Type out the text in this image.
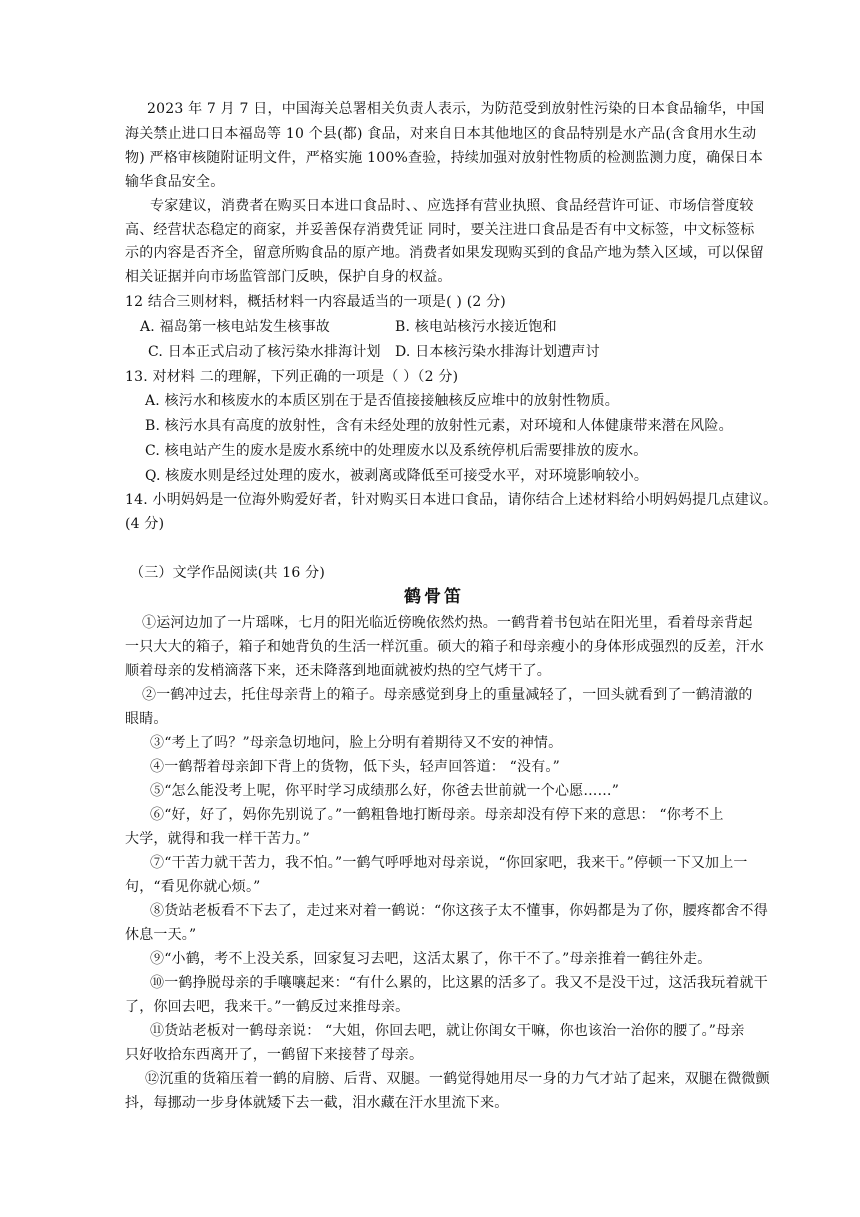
2023 年 7 月 7 日，中国海关总署相关负责人表示，为防范受到放射性污染的日本食品输华，中国
海关禁止进口日本福岛等 10 个县(都) 食品，对来自日本其他地区的食品特别是水产品(含食用水生动
物) 严格审核随附证明文件，严格实施 100%查验，持续加强对放射性物质的检测监测力度，确保日本
输华食品安全。
专家建议，消费者在购买日本进口食品时、、应选择有营业执照、食品经营许可证、市场信誉度较
高、经营状态稳定的商家，并妥善保存消费凭证 同时，要关注进口食品是否有中文标签，中文标签标
示的内容是否齐全，留意所购食品的原产地。消费者如果发现购买到的食品产地为禁入区域，可以保留
相关证据并向市场监管部门反映，保护自身的权益。
12 结合三则材料，概括材料一内容最适当的一项是( ) (2 分)
A. 福岛第一核电站发生核事故	B. 核电站核污水接近饱和
C. 日本正式启动了核污染水排海计划 D. 日本核污染水排海计划遭声讨
13. 对材料 二的理解，下列正确的一项是（ ）（2 分)
A. 核污水和核废水的本质区别在于是否值接接触核反应堆中的放射性物质。
B. 核污水具有高度的放射性，含有未经处理的放射性元素，对环境和人体健康带来潜在风险。
C. 核电站产生的废水是废水系统中的处理废水以及系统停机后需要排放的废水。
Q. 核废水则是经过处理的废水，被剥离或降低至可接受水平，对环境影响较小。
14. 小明妈妈是一位海外购爱好者，针对购买日本进口食品，请你结合上述材料给小明妈妈提几点建议。
(4 分)
（三）文学作品阅读(共 16 分)
鹤骨笛
①运河边加了一片瑶咪，七月的阳光临近傍晚依然灼热。一鹤背着书包站在阳光里，看着母亲背起
一只大大的箱子，箱子和她背负的生活一样沉重。硕大的箱子和母亲瘦小的身体形成强烈的反差，汗水
顺着母亲的发梢滴落下来，还未降落到地面就被灼热的空气烤干了。
②一鹤冲过去，托住母亲背上的箱子。母亲感觉到身上的重量减轻了，一回头就看到了一鹤清澈的
眼睛。
③“考上了吗？”母亲急切地问，脸上分明有着期待又不安的神情。
④一鹤帮着母亲卸下背上的货物，低下头，轻声回答道： “没有。”
⑤“怎么能没考上呢，你平时学习成绩那么好，你爸去世前就一个心愿……”
⑥“好，好了，妈你先别说了。”一鹤粗鲁地打断母亲。母亲却没有停下来的意思： “你考不上
大学，就得和我一样干苦力。”
⑦“干苦力就干苦力，我不怕。”一鹤气呼呼地对母亲说，“你回家吧，我来干。”停顿一下又加上一
句，“看见你就心烦。”
⑧货站老板看不下去了，走过来对着一鹤说：“你这孩子太不懂事，你妈都是为了你，腰疼都舍不得
休息一天。”
⑨“小鹤，考不上没关系，回家复习去吧，这活太累了，你干不了。”母亲推着一鹤往外走。
⑩一鹤挣脱母亲的手嚷嚷起来：“有什么累的，比这累的活多了。我又不是没干过，这活我玩着就干
了，你回去吧，我来干。”一鹤反过来推母亲。
⑪货站老板对一鹤母亲说： “大姐，你回去吧，就让你闺女干嘛，你也该治一治你的腰了。”母亲
只好收拾东西离开了，一鹤留下来接替了母亲。
⑫沉重的货箱压着一鹤的肩膀、后背、双腿。一鹤觉得她用尽一身的力气才站了起来，双腿在微微颤
抖，每挪动一步身体就矮下去一截，泪水藏在汗水里流下来。
